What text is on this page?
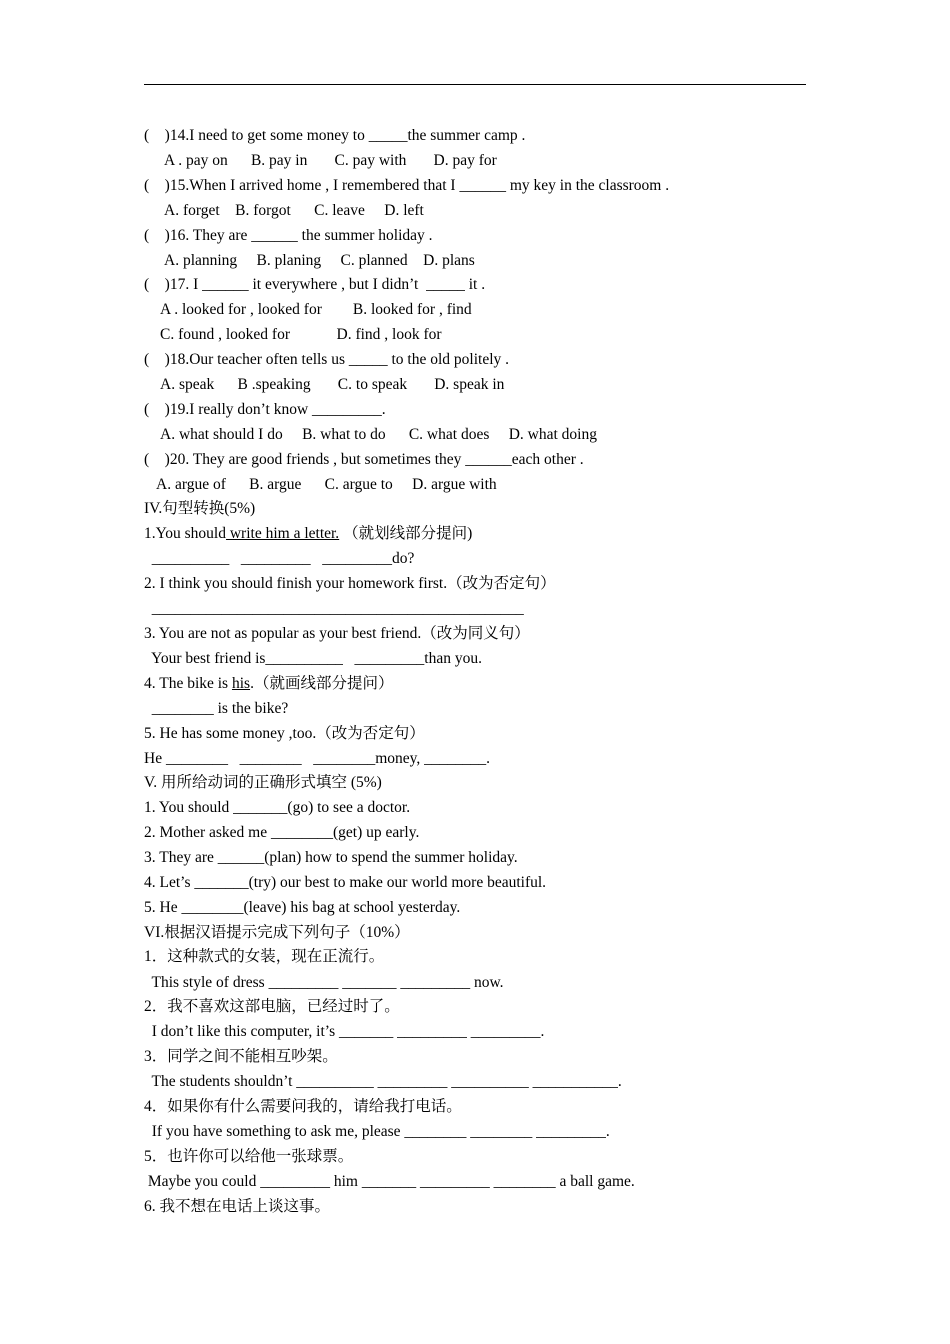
(    )14.I need to get some money to _____the summer camp .
A . pay on      B. pay in       C. pay with       D. pay for
(    )15.When I arrived home , I remembered that I ______ my key in the classroom .
A. forget    B. forgot      C. leave     D. left
(    )16. They are ______ the summer holiday .
A. planning     B. planing     C. planned    D. plans
(    )17. I ______ it everywhere , but I didn’t  _____ it .
A . looked for , looked for        B. looked for , find
C. found , looked for            D. find , look for
(    )18.Our teacher often tells us _____ to the old politely .
A. speak      B .speaking       C. to speak       D. speak in
(    )19.I really don’t know _________.
A. what should I do     B. what to do      C. what does     D. what doing
(    )20. They are good friends , but sometimes they ______each other .
A. argue of      B. argue      C. argue to     D. argue with
IV.句型转换(5%)
1.You should write him a letter. （就划线部分提问)
__________   _________   _________do?
2. I think you should finish your homework first.（改为否定句）
________________________________________________
3. You are not as popular as your best friend.（改为同义句）
Your best friend is__________   _________than you.
4. The bike is his.（就画线部分提问）
________ is the bike?
5. He has some money ,too.（改为否定句）
He ________   ________   ________money, ________.
V. 用所给动词的正确形式填空 (5%)
1. You should _______(go) to see a doctor.
2. Mother asked me ________(get) up early.
3. They are ______(plan) how to spend the summer holiday.
4. Let’s _______(try) our best to make our world more beautiful.
5. He ________(leave) his bag at school yesterday.
VI.根据汉语提示完成下列句子（10%）
1．这种款式的女装，现在正流行。
This style of dress _________ _______ _________ now.
2．我不喜欢这部电脑，已经过时了。
I don’t like this computer, it’s _______ _________ _________.
3．同学之间不能相互吵架。
The students shouldn’t __________ _________ __________ ___________.
4．如果你有什么需要问我的，请给我打电话。
If you have something to ask me, please ________ ________ _________.
5．也许你可以给他一张球票。
Maybe you could _________ him _______ _________ ________ a ball game.
6. 我不想在电话上谈这事。
